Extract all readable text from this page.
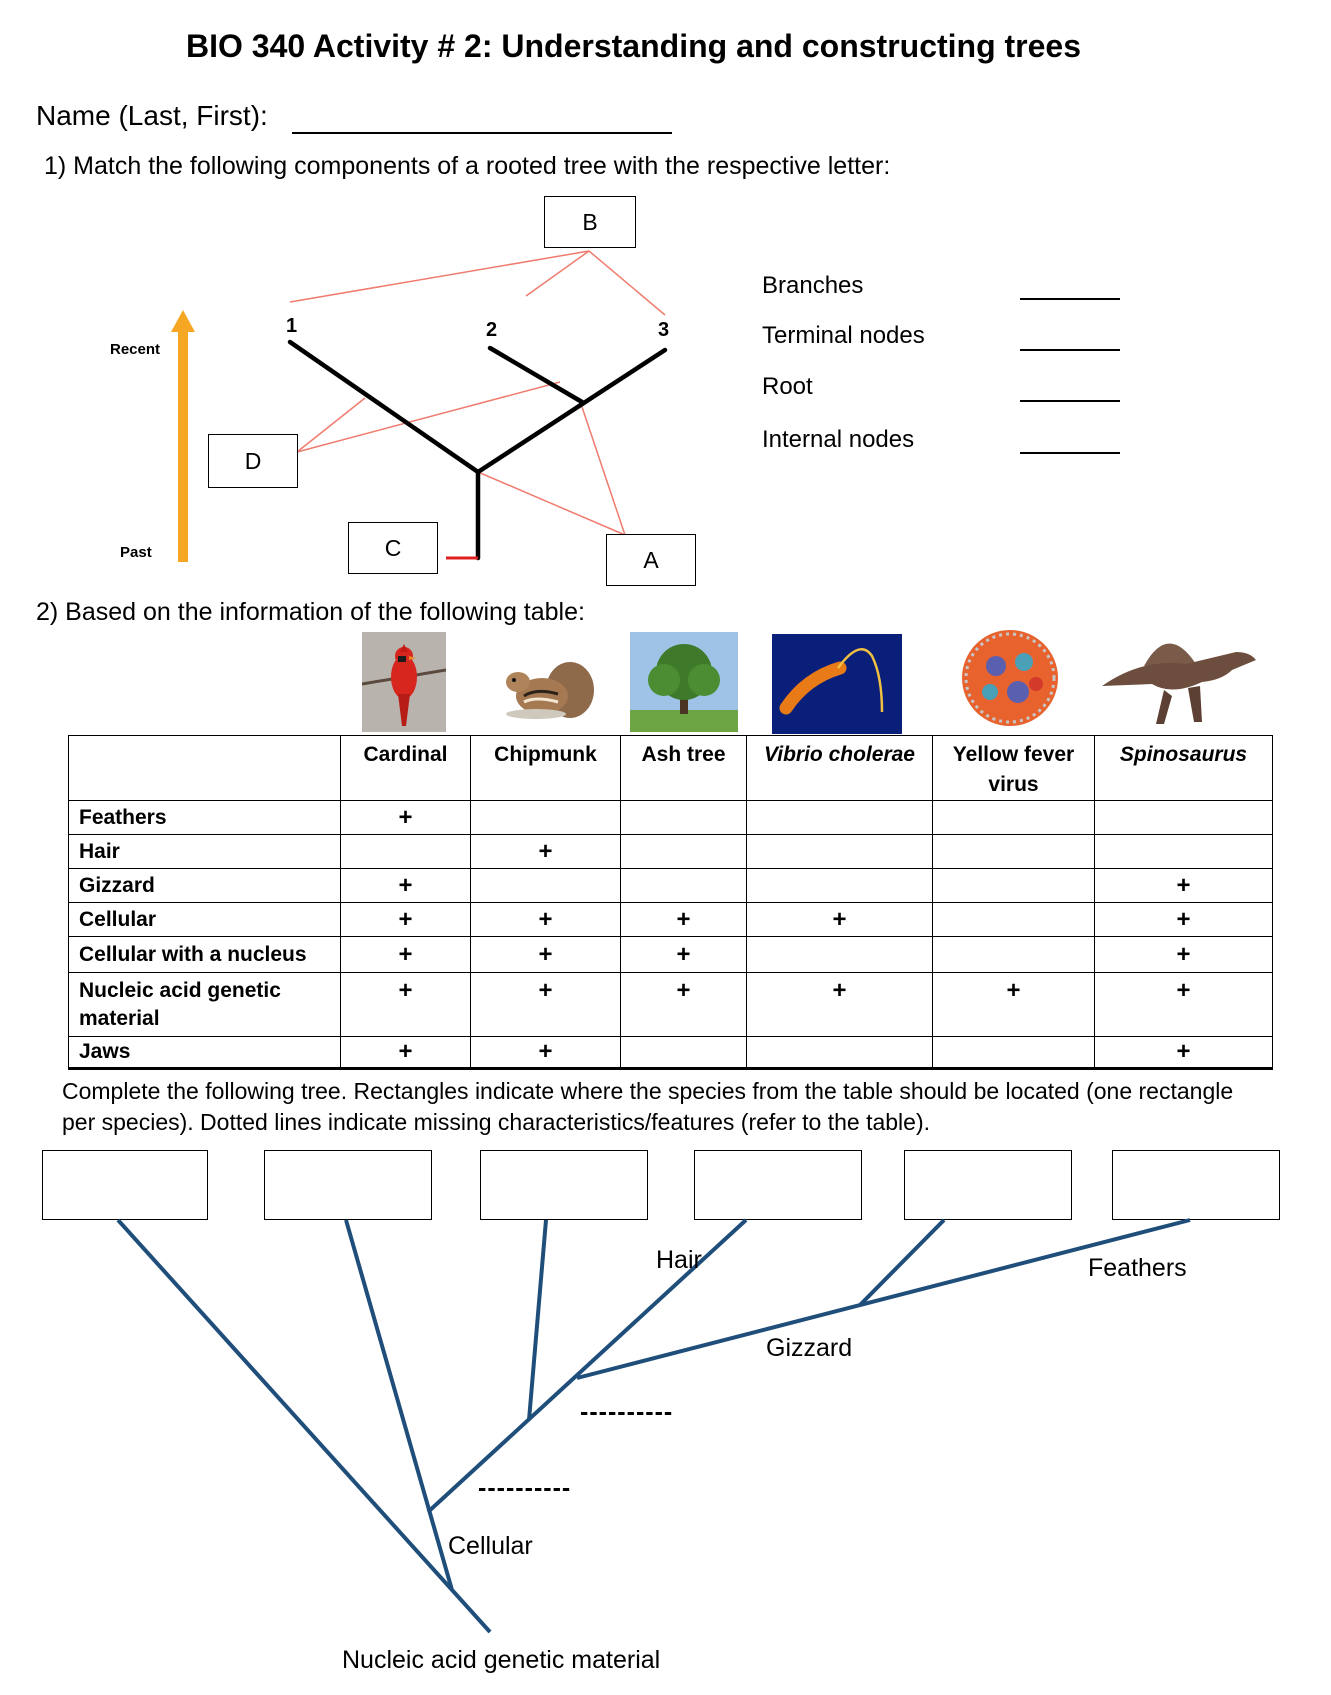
BIO 340 Activity # 2: Understanding and constructing trees
Name (Last, First):
1) Match the following components of a rooted tree with the respective letter:
1	2	3
Recent
Past
B
D
C	A
Branches
Terminal nodes
Root
Internal nodes
2) Based on the information of the following table:
	Cardinal	Chipmunk	Ash tree	Vibrio cholerae	Yellow fever virus	Spinosaurus
Feathers	+					
Hair		+				
Gizzard	+					+
Cellular	+	+	+	+		+
Cellular with a nucleus	+	+	+			+
Nucleic acid genetic material	+	+	+	+	+	+
Jaws	+	+				+
Complete the following tree. Rectangles indicate where the species from the table should be located (one rectangle per species). Dotted lines indicate missing characteristics/features (refer to the table).
Hair	Feathers
Gizzard
----------
----------
Cellular
Nucleic acid genetic material
